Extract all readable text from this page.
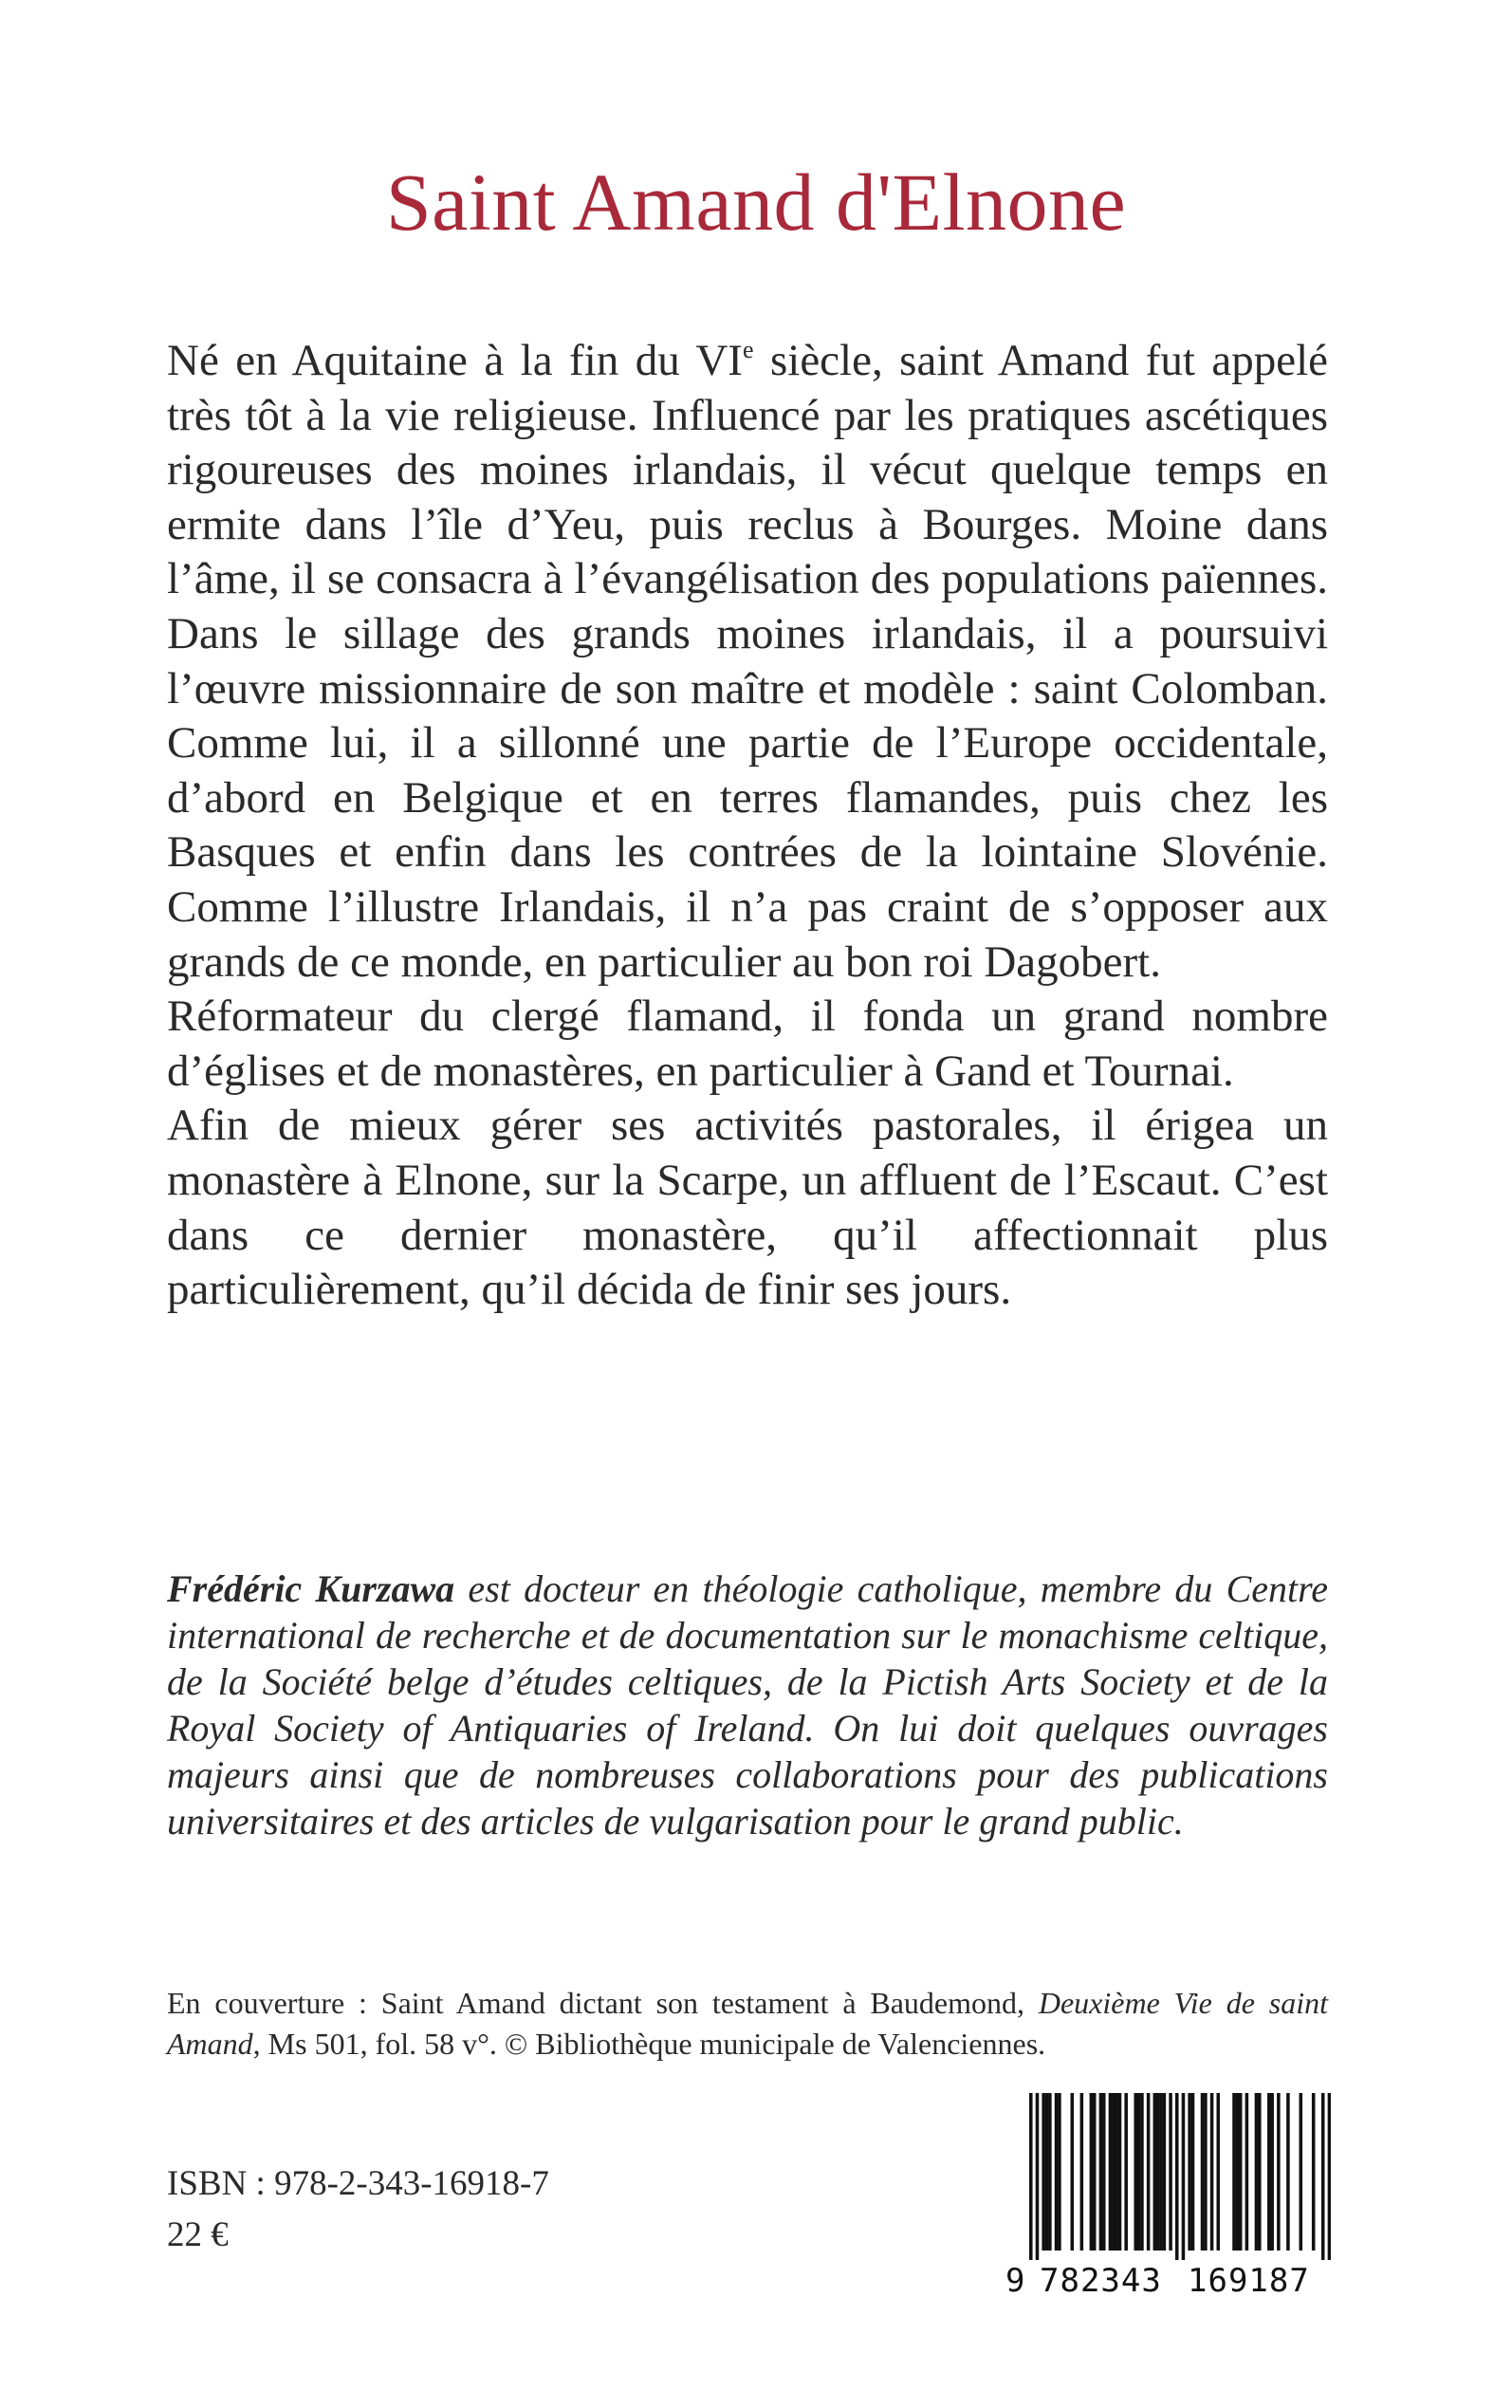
Saint Amand d'Elnone

Né en Aquitaine à la fin du VIe siècle, saint Amand fut appelé très tôt à la vie religieuse. Influencé par les pratiques ascétiques rigoureuses des moines irlandais, il vécut quelque temps en ermite dans l’île d’Yeu, puis reclus à Bourges. Moine dans l’âme, il se consacra à l’évangélisation des populations païennes. Dans le sillage des grands moines irlandais, il a poursuivi l’œuvre missionnaire de son maître et modèle : saint Colomban. Comme lui, il a sillonné une partie de l’Europe occidentale, d’abord en Belgique et en terres flamandes, puis chez les Basques et enfin dans les contrées de la lointaine Slovénie. Comme l’illustre Irlandais, il n’a pas craint de s’opposer aux grands de ce monde, en particulier au bon roi Dagobert.

Réformateur du clergé flamand, il fonda un grand nombre d’églises et de monastères, en particulier à Gand et Tournai.

Afin de mieux gérer ses activités pastorales, il érigea un monastère à Elnone, sur la Scarpe, un affluent de l’Escaut. C’est dans ce dernier monastère, qu’il affectionnait plus particulièrement, qu’il décida de finir ses jours.

Frédéric Kurzawa est docteur en théologie catholique, membre du Centre international de recherche et de documentation sur le monachisme celtique, de la Société belge d’études celtiques, de la Pictish Arts Society et de la Royal Society of Antiquaries of Ireland. On lui doit quelques ouvrages majeurs ainsi que de nombreuses collaborations pour des publications universitaires et des articles de vulgarisation pour le grand public.

En couverture : Saint Amand dictant son testament à Baudemond, Deuxième Vie de saint Amand, Ms 501, fol. 58 v°. © Bibliothèque municipale de Valenciennes.

ISBN : 978-2-343-16918-7

22 €

9 782343 169187
